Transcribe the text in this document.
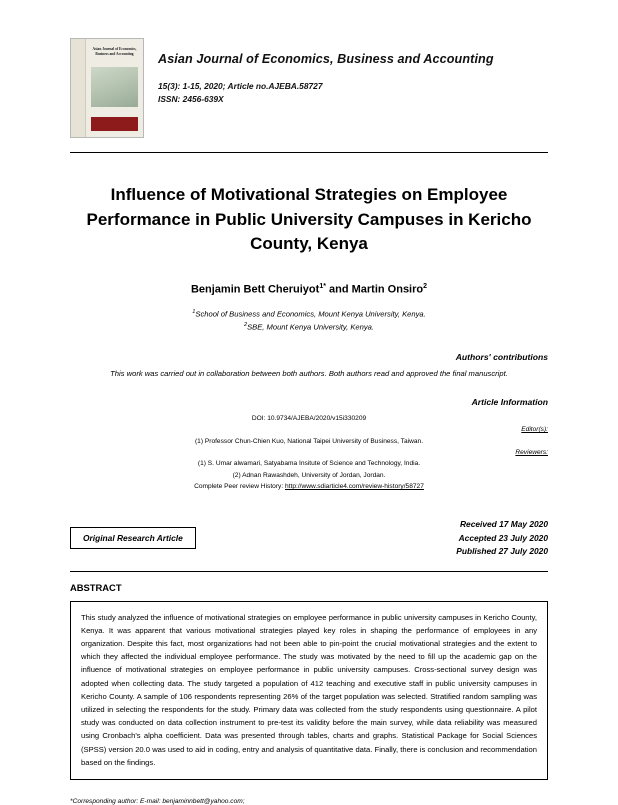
Asian Journal of Economics, Business and Accounting	Asian Journal of Economics, Business and Accounting
15(3): 1-15, 2020; Article no.AJEBA.58727
ISSN: 2456-639X
Influence of Motivational Strategies on Employee Performance in Public University Campuses in Kericho County, Kenya
Benjamin Bett Cheruiyot$^{1*}$ and Martin Onsiro$^2$
$^1$School of Business and Economics, Mount Kenya University, Kenya.
$^2$SBE, Mount Kenya University, Kenya.
Authors' contributions
This work was carried out in collaboration between both authors. Both authors read and approved the final manuscript.
Article Information
DOI: 10.9734/AJEBA/2020/v15i330209
Editor(s):
(1) Professor Chun-Chien Kuo, National Taipei University of Business, Taiwan.
Reviewers:
(1) S. Umar alwamari, Satyabama Insitute of Science and Technology, India.
(2) Adnan Rawashdeh, University of Jordan, Jordan.
Complete Peer review History: http://www.sdiarticle4.com/review-history/58727
Original Research Article
Received 17 May 2020
Accepted 23 July 2020
Published 27 July 2020
ABSTRACT
This study analyzed the influence of motivational strategies on employee performance in public university campuses in Kericho County, Kenya. It was apparent that various motivational strategies played key roles in shaping the performance of employees in any organization. Despite this fact, most organizations had not been able to pin-point the crucial motivational strategies and the extent to which they affected the individual employee performance. The study was motivated by the need to fill up the academic gap on the influence of motivational strategies on employee performance in public university campuses. Cross-sectional survey design was adopted when collecting data. The study targeted a population of 412 teaching and executive staff in public university campuses in Kericho County. A sample of 106 respondents representing 26% of the target population was selected. Stratified random sampling was utilized in selecting the respondents for the study. Primary data was collected from the study respondents using questionnaire. A pilot study was conducted on data collection instrument to pre-test its validity before the main survey, while data reliability was measured using Cronbach's alpha coefficient. Data was presented through tables, charts and graphs. Statistical Package for Social Sciences (SPSS) version 20.0 was used to aid in coding, entry and analysis of quantitative data. Finally, there is conclusion and recommendation based on the findings.
*Corresponding author: E-mail: benjaminnbett@yahoo.com;
